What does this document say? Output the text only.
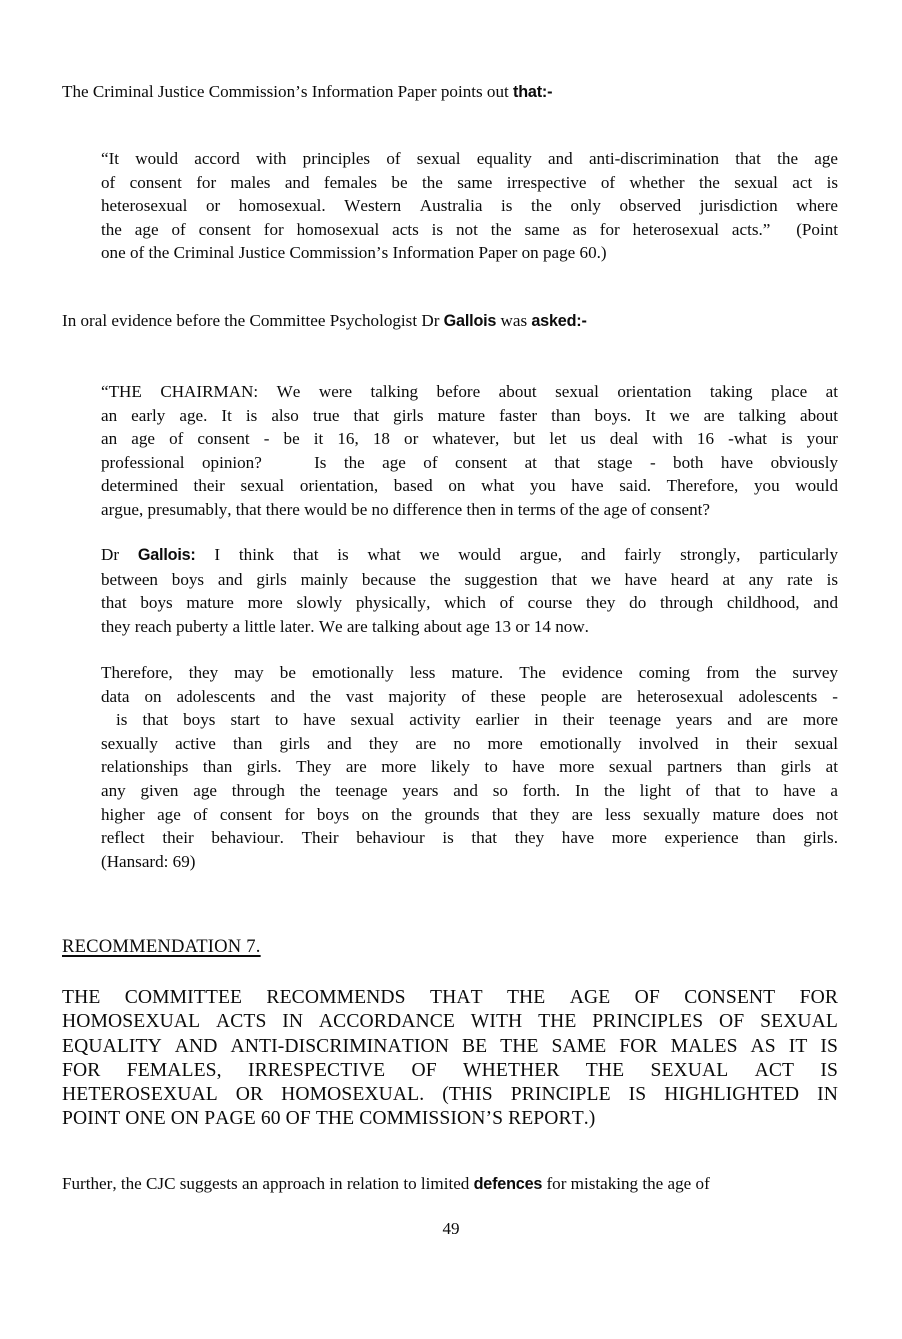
The Criminal Justice Commission’s Information Paper points out that:-
“It would accord with principles of sexual equality and anti-discrimination that the age
of consent for males and females be the same irrespective of whether the sexual act is
heterosexual or homosexual. Western Australia is the only observed jurisdiction where
the age of consent for homosexual acts is not the same as for heterosexual acts.”  (Point
one of the Criminal Justice Commission’s Information Paper on page 60.)
In oral evidence before the Committee Psychologist Dr Gallois was asked:-
“THE CHAIRMAN: We were talking before about sexual orientation taking place at
an early age. It is also true that girls mature faster than boys. It we are talking about
an age of consent - be it 16, 18 or whatever, but let us deal with 16 -what is your
professional opinion?   Is the age of consent at that stage - both have obviously
determined their sexual orientation, based on what you have said. Therefore, you would
argue, presumably, that there would be no difference then in terms of the age of consent?
Dr Gallois: I think that is what we would argue, and fairly strongly, particularly
between boys and girls mainly because the suggestion that we have heard at any rate is
that boys mature more slowly physically, which of course they do through childhood, and
they reach puberty a little later. We are talking about age 13 or 14 now.
Therefore, they may be emotionally less mature. The evidence coming from the survey
data on adolescents and the vast majority of these people are heterosexual adolescents -
is that boys start to have sexual activity earlier in their teenage years and are more
sexually active than girls and they are no more emotionally involved in their sexual
relationships than girls. They are more likely to have more sexual partners than girls at
any given age through the teenage years and so forth. In the light of that to have a
higher age of consent for boys on the grounds that they are less sexually mature does not
reflect their behaviour. Their behaviour is that they have more experience than girls.
(Hansard: 69)
RECOMMENDATION 7.
THE COMMITTEE RECOMMENDS THAT THE AGE OF CONSENT FOR
HOMOSEXUAL ACTS IN ACCORDANCE WITH THE PRINCIPLES OF SEXUAL
EQUALITY AND ANTI-DISCRIMINATION BE THE SAME FOR MALES AS IT IS
FOR FEMALES, IRRESPECTIVE OF WHETHER THE SEXUAL ACT IS
HETEROSEXUAL OR HOMOSEXUAL. (THIS PRINCIPLE IS HIGHLIGHTED IN
POINT ONE ON PAGE 60 OF THE COMMISSION’S REPORT.)
Further, the CJC suggests an approach in relation to limited defences for mistaking the age of
49
